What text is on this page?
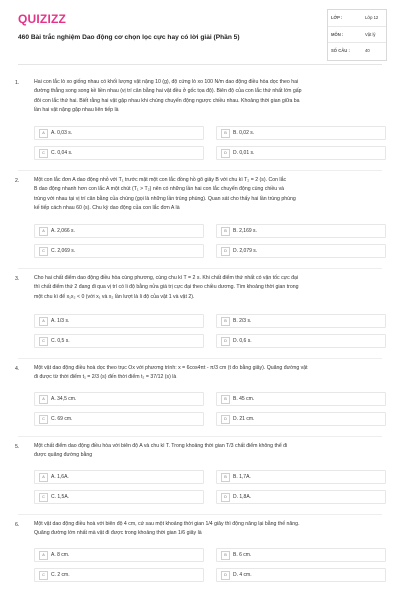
QUIZIZZ
460 Bài trắc nghiệm Dao động cơ chọn lọc cực hay có lời giải (Phần 5)
LỚP :	Lớp 12
MÔN :	Vật lý
SỐ CÂU :	40
1.	Hai con lắc lò xo giống nhau có khối lượng vật nặng 10 (g), độ cứng lò xo 100 N/m dao động điều hòa dọc theo hai
đường thẳng song song kề liền nhau (vị trí cân bằng hai vật đều ở gốc tọa độ). Biên độ của con lắc thứ nhất lớn gấp
đôi con lắc thứ hai. Biết rằng hai vật gặp nhau khi chúng chuyển động ngược chiều nhau. Khoảng thời gian giữa ba
lần hai vật nặng gặp nhau liên tiếp là
A	A. 0,03 s.	B	B. 0,02 s.
C	C. 0,04 s.	D	D. 0,01 s.
2.	Một con lắc đơn A dao động nhỏ với T₁ trước mặt một con lắc đồng hồ gõ giây B với chu kì T₂ = 2 (s). Con lắc
B dao động nhanh hơn con lắc A một chút (T₁ > T₂) nên có những lần hai con lắc chuyển động cùng chiều và
trùng với nhau tại vị trí cân bằng của chúng (gọi là những lần trùng phùng). Quan sát cho thấy hai lần trùng phùng
kế tiếp cách nhau 60 (s). Chu kỳ dao động của con lắc đơn A là
A	A. 2,066 s.	B	B. 2,169 s.
C	C. 2,069 s.	D	D. 2,079 s.
3.	Cho hai chất điểm dao động điều hòa cùng phương, cùng chu kì T = 2 s. Khi chất điểm thứ nhất có vận tốc cực đại
thì chất điểm thứ 2 đang đi qua vị trí có li độ bằng nửa giá trị cực đại theo chiều dương. Tìm khoảng thời gian trong
một chu kì để x₁x₂ < 0 (với x₁ và x₂ lần lượt là li độ của vật 1 và vật 2).
A	A. 1/3 s.	B	B. 2/3 s.
C	C. 0,5 s.	D	D. 0,6 s.
4.	Một vật dao động điều hoà dọc theo trục Ox với phương trình: x = 6cos4πt - π/3 cm (t đo bằng giây). Quãng đường vật
đi được từ thời điểm t₁ = 2/3 (s) đến thời điểm t₂ = 37/12 (s) là
A	A. 34,5 cm.	B	B. 45 cm.
C	C. 69 cm.	D	D. 21 cm.
5.	Một chất điểm dao động điều hòa với biên độ A và chu kì T. Trong khoảng thời gian T/3 chất điểm không thể đi
được quãng đường bằng
A	A. 1,6A.	B	B. 1,7A.
C	C. 1,5A.	D	D. 1,8A.
6.	Một vật dao động điều hoà với biên độ 4 cm, cứ sau một khoảng thời gian 1/4 giây thì động năng lại bằng thế năng.
Quãng đường lớn nhất mà vật đi được trong khoảng thời gian 1/6 giây là
A	A. 8 cm.	B	B. 6 cm.
C	C. 2 cm.	D	D. 4 cm.
